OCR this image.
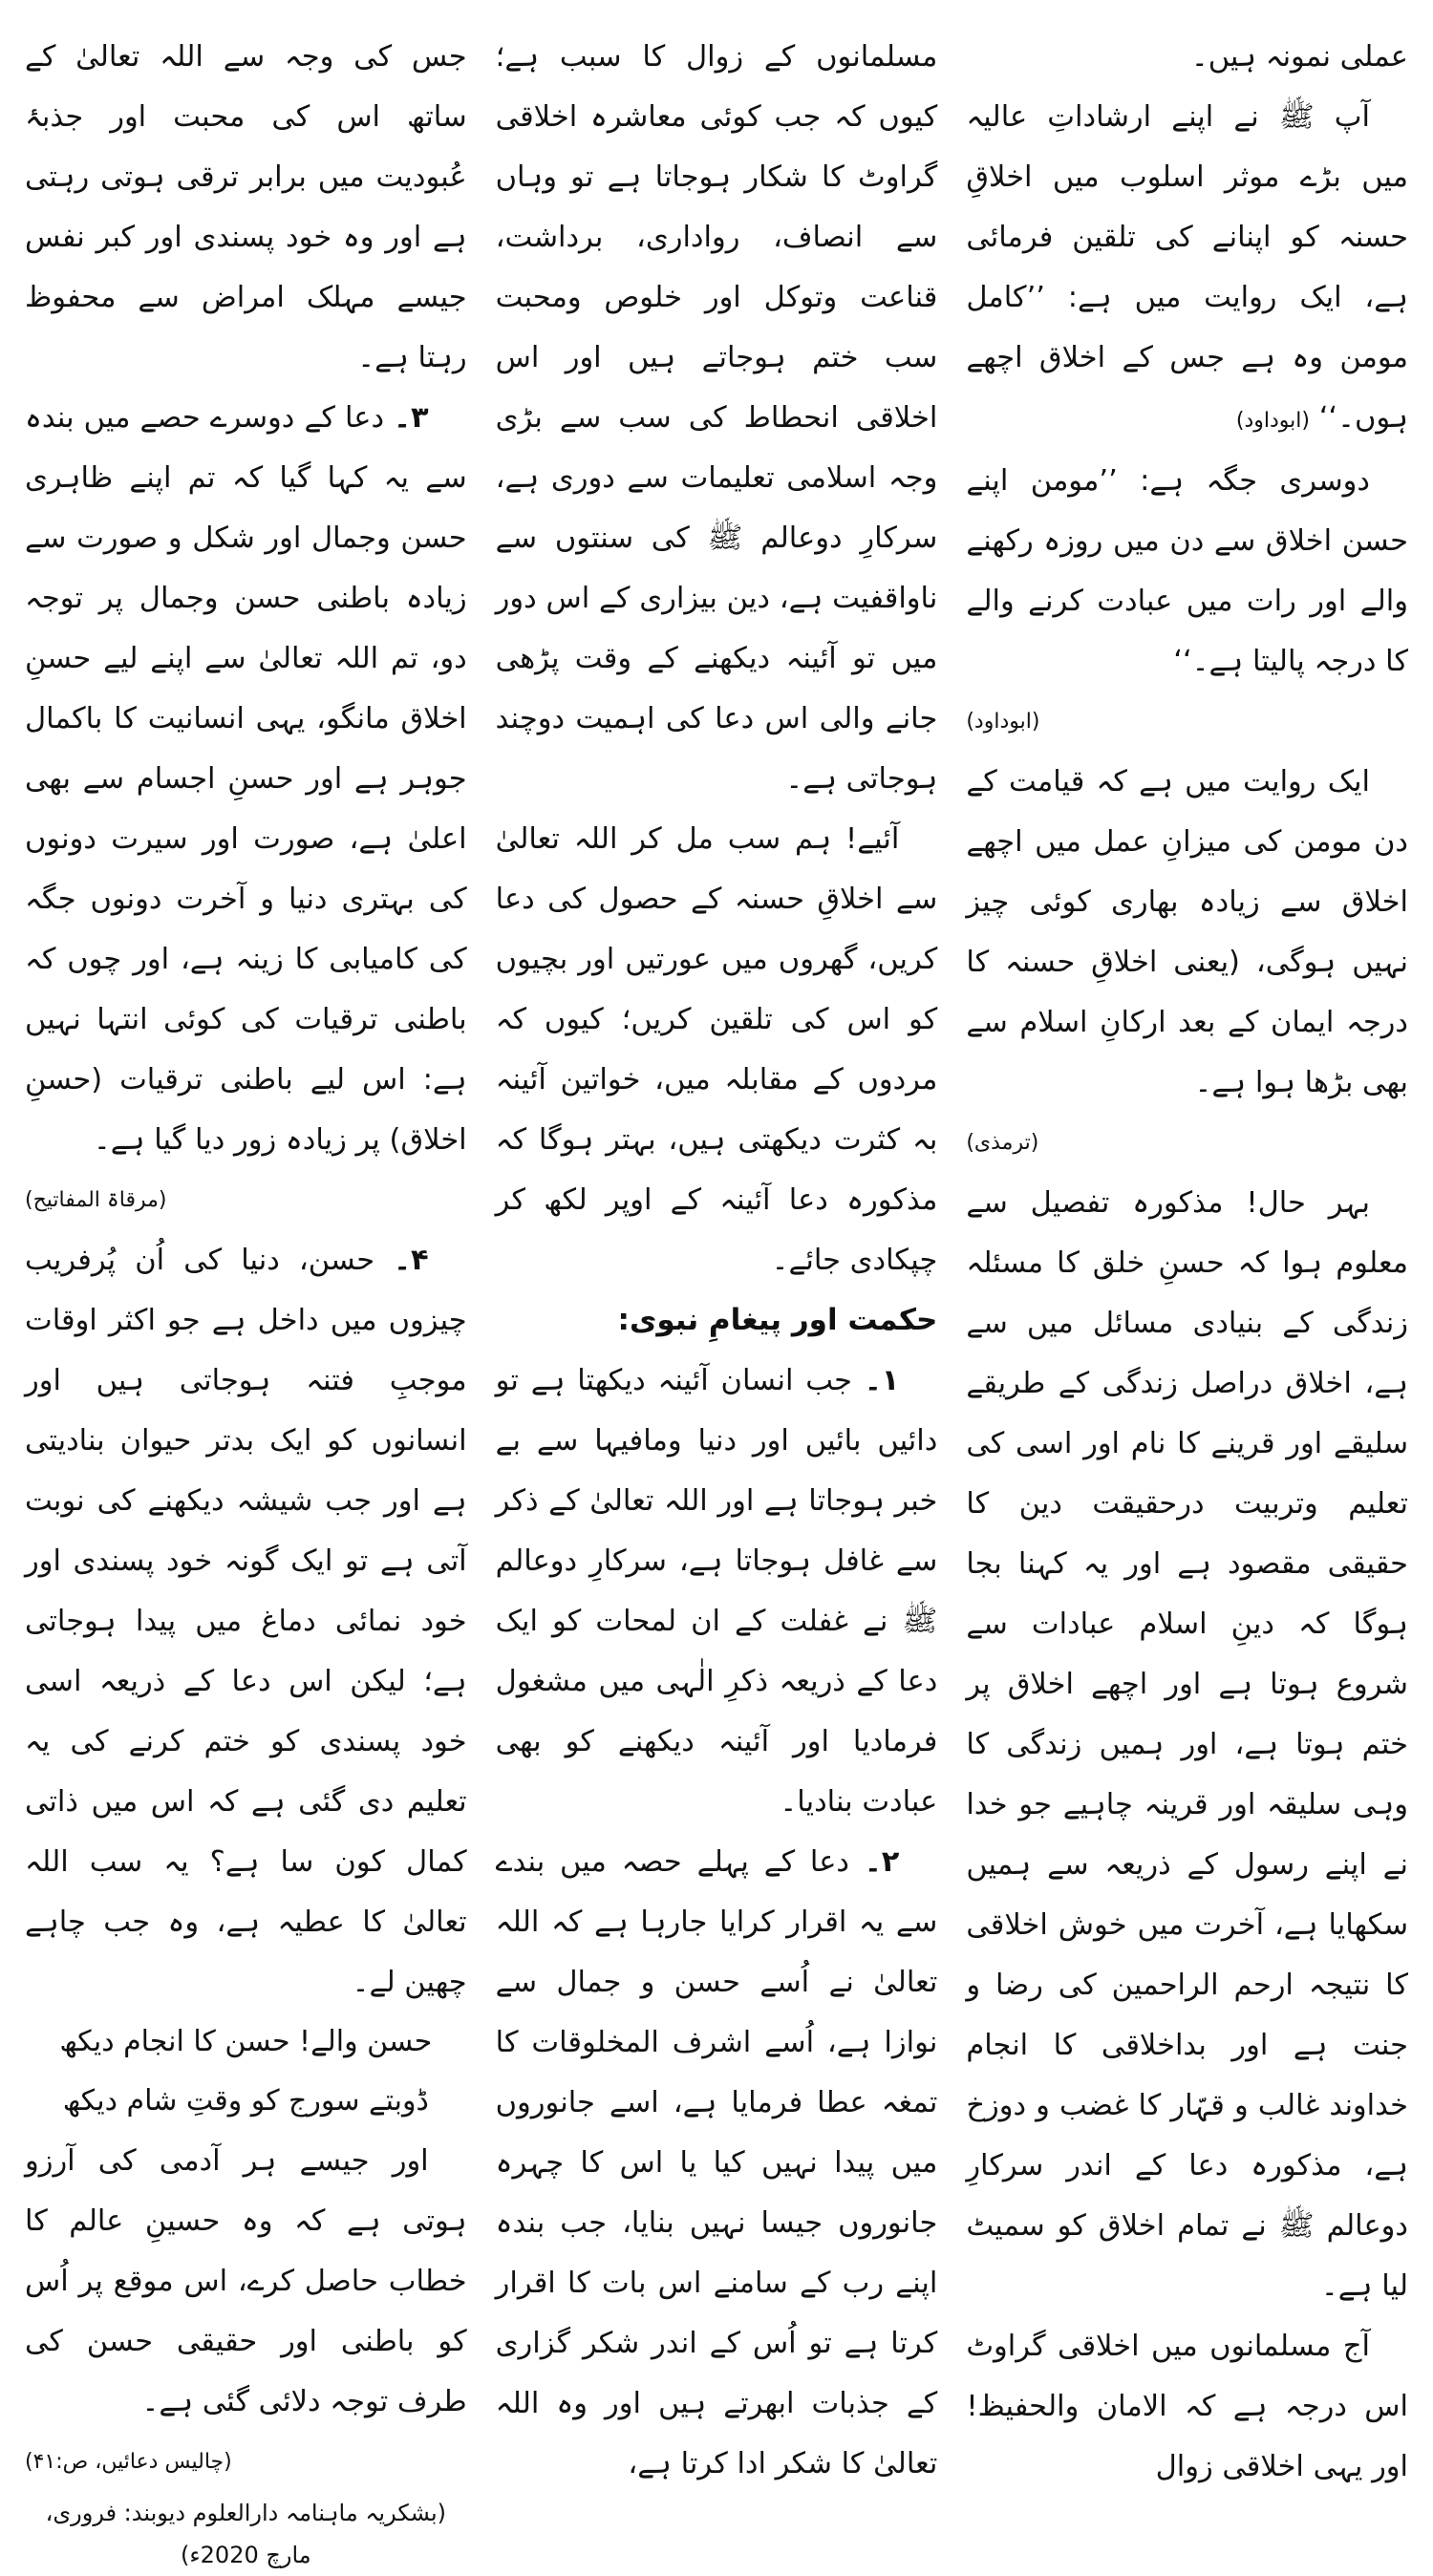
عملی نمونہ ہیں۔

آپ ﷺ نے اپنے ارشاداتِ عالیہ میں بڑے موثر اسلوب میں اخلاقِ حسنہ کو اپنانے کی تلقین فرمائی ہے، ایک روایت میں ہے: ’’کامل مومن وہ ہے جس کے اخلاق اچھے ہوں۔‘‘ (ابوداود)

دوسری جگہ ہے: ’’مومن اپنے حسن اخلاق سے دن میں روزہ رکھنے والے اور رات میں عبادت کرنے والے کا درجہ پالیتا ہے۔‘‘

(ابوداود)

ایک روایت میں ہے کہ قیامت کے دن مومن کی میزانِ عمل میں اچھے اخلاق سے زیادہ بھاری کوئی چیز نہیں ہوگی، (یعنی اخلاقِ حسنہ کا درجہ ایمان کے بعد ارکانِ اسلام سے بھی بڑھا ہوا ہے۔

(ترمذی)

بہر حال! مذکورہ تفصیل سے معلوم ہوا کہ حسنِ خلق کا مسئلہ زندگی کے بنیادی مسائل میں سے ہے، اخلاق دراصل زندگی کے طریقے سلیقے اور قرینے کا نام اور اسی کی تعلیم وتربیت درحقیقت دین کا حقیقی مقصود ہے اور یہ کہنا بجا ہوگا کہ دینِ اسلام عبادات سے شروع ہوتا ہے اور اچھے اخلاق پر ختم ہوتا ہے، اور ہمیں زندگی کا وہی سلیقہ اور قرینہ چاہیے جو خدا نے اپنے رسول کے ذریعہ سے ہمیں سکھایا ہے، آخرت میں خوش اخلاقی کا نتیجہ ارحم الراحمین کی رضا و جنت ہے اور بداخلاقی کا انجام خداوند غالب و قہّار کا غضب و دوزخ ہے، مذکورہ دعا کے اندر سرکارِ دوعالم ﷺ نے تمام اخلاق کو سمیٹ لیا ہے۔

آج مسلمانوں میں اخلاقی گراوٹ اس درجہ ہے کہ الامان والحفیظ! اور یہی اخلاقی زوال

مسلمانوں کے زوال کا سبب ہے؛ کیوں کہ جب کوئی معاشرہ اخلاقی گراوٹ کا شکار ہوجاتا ہے تو وہاں سے انصاف، رواداری، برداشت، قناعت وتوکل اور خلوص ومحبت سب ختم ہوجاتے ہیں اور اس اخلاقی انحطاط کی سب سے بڑی وجہ اسلامی تعلیمات سے دوری ہے، سرکارِ دوعالم ﷺ کی سنتوں سے ناواقفیت ہے، دین بیزاری کے اس دور میں تو آئینہ دیکھنے کے وقت پڑھی جانے والی اس دعا کی اہمیت دوچند ہوجاتی ہے۔

آئیے! ہم سب مل کر اللہ تعالیٰ سے اخلاقِ حسنہ کے حصول کی دعا کریں، گھروں میں عورتیں اور بچیوں کو اس کی تلقین کریں؛ کیوں کہ مردوں کے مقابلہ میں، خواتین آئینہ بہ کثرت دیکھتی ہیں، بہتر ہوگا کہ مذکورہ دعا آئینہ کے اوپر لکھ کر چپکادی جائے۔

حکمت اور پیغامِ نبوی:

۱۔ جب انسان آئینہ دیکھتا ہے تو دائیں بائیں اور دنیا ومافیہا سے بے خبر ہوجاتا ہے اور اللہ تعالیٰ کے ذکر سے غافل ہوجاتا ہے، سرکارِ دوعالم ﷺ نے غفلت کے ان لمحات کو ایک دعا کے ذریعہ ذکرِ الٰہی میں مشغول فرمادیا اور آئینہ دیکھنے کو بھی عبادت بنادیا۔

۲۔ دعا کے پہلے حصہ میں بندے سے یہ اقرار کرایا جارہا ہے کہ اللہ تعالیٰ نے اُسے حسن و جمال سے نوازا ہے، اُسے اشرف المخلوقات کا تمغہ عطا فرمایا ہے، اسے جانوروں میں پیدا نہیں کیا یا اس کا چہرہ جانوروں جیسا نہیں بنایا، جب بندہ اپنے رب کے سامنے اس بات کا اقرار کرتا ہے تو اُس کے اندر شکر گزاری کے جذبات ابھرتے ہیں اور وہ اللہ تعالیٰ کا شکر ادا کرتا ہے،

جس کی وجہ سے اللہ تعالیٰ کے ساتھ اس کی محبت اور جذبۂ عُبودیت میں برابر ترقی ہوتی رہتی ہے اور وہ خود پسندی اور کبر نفس جیسے مہلک امراض سے محفوظ رہتا ہے۔

۳۔ دعا کے دوسرے حصے میں بندہ سے یہ کہا گیا کہ تم اپنے ظاہری حسن وجمال اور شکل و صورت سے زیادہ باطنی حسن وجمال پر توجہ دو، تم اللہ تعالیٰ سے اپنے لیے حسنِ اخلاق مانگو، یہی انسانیت کا باکمال جوہر ہے اور حسنِ اجسام سے بھی اعلیٰ ہے، صورت اور سیرت دونوں کی بہتری دنیا و آخرت دونوں جگہ کی کامیابی کا زینہ ہے، اور چوں کہ باطنی ترقیات کی کوئی انتہا نہیں ہے: اس لیے باطنی ترقیات (حسنِ اخلاق) پر زیادہ زور دیا گیا ہے۔

(مرقاۃ المفاتیح)

۴۔ حسن، دنیا کی اُن پُرفریب چیزوں میں داخل ہے جو اکثر اوقات موجبِ فتنہ ہوجاتی ہیں اور انسانوں کو ایک بدتر حیوان بنادیتی ہے اور جب شیشہ دیکھنے کی نوبت آتی ہے تو ایک گونہ خود پسندی اور خود نمائی دماغ میں پیدا ہوجاتی ہے؛ لیکن اس دعا کے ذریعہ اسی خود پسندی کو ختم کرنے کی یہ تعلیم دی گئی ہے کہ اس میں ذاتی کمال کون سا ہے؟ یہ سب اللہ تعالیٰ کا عطیہ ہے، وہ جب چاہے چھین لے۔

حسن والے! حسن کا انجام دیکھ

ڈوبتے سورج کو وقتِ شام دیکھ

اور جیسے ہر آدمی کی آرزو ہوتی ہے کہ وہ حسینِ عالم کا خطاب حاصل کرے، اس موقع پر اُس کو باطنی اور حقیقی حسن کی طرف توجہ دلائی گئی ہے۔

(چالیس دعائیں، ص:۴۱)

(بشکریہ ماہنامہ دارالعلوم دیوبند: فروری، مارچ 2020ء)
